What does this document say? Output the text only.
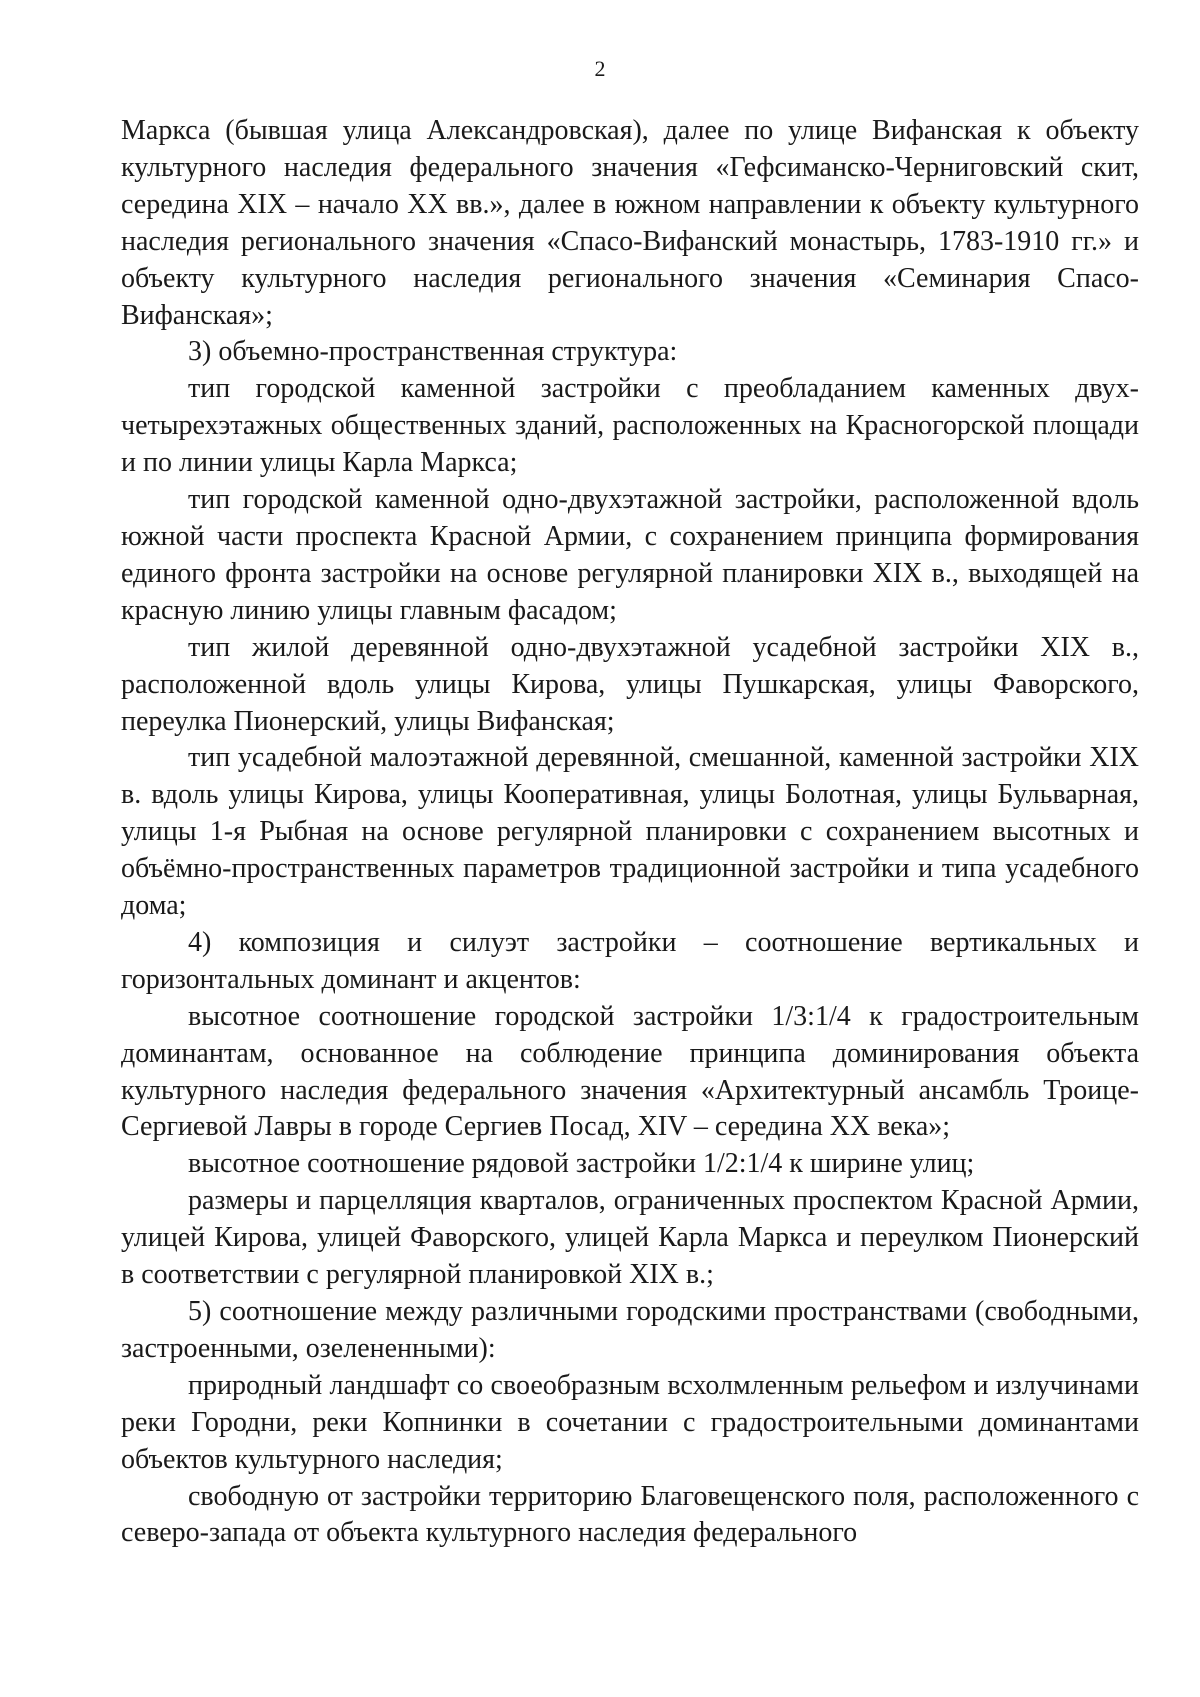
2

Маркса (бывшая улица Александровская), далее по улице Вифанская к объекту культурного наследия федерального значения «Гефсиманско-Черниговский скит, середина XIX – начало XX вв.», далее в южном направлении к объекту культурного наследия регионального значения «Спасо-Вифанский монастырь, 1783-1910 гг.» и объекту культурного наследия регионального значения «Семинария Спасо-Вифанская»;

3) объемно-пространственная структура:

тип городской каменной застройки с преобладанием каменных двух-четырехэтажных общественных зданий, расположенных на Красногорской площади и по линии улицы Карла Маркса;

тип городской каменной одно-двухэтажной застройки, расположенной вдоль южной части проспекта Красной Армии, с сохранением принципа формирования единого фронта застройки на основе регулярной планировки XIX в., выходящей на красную линию улицы главным фасадом;

тип жилой деревянной одно-двухэтажной усадебной застройки XIX в., расположенной вдоль улицы Кирова, улицы Пушкарская, улицы Фаворского, переулка Пионерский, улицы Вифанская;

тип усадебной малоэтажной деревянной, смешанной, каменной застройки XIX в. вдоль улицы Кирова, улицы Кооперативная, улицы Болотная, улицы Бульварная, улицы 1-я Рыбная на основе регулярной планировки с сохранением высотных и объёмно-пространственных параметров традиционной застройки и типа усадебного дома;

4) композиция и силуэт застройки – соотношение вертикальных и горизонтальных доминант и акцентов:

высотное соотношение городской застройки 1/3:1/4 к градостроительным доминантам, основанное на соблюдение принципа доминирования объекта культурного наследия федерального значения «Архитектурный ансамбль Троице-Сергиевой Лавры в городе Сергиев Посад, XIV – середина XX века»;

высотное соотношение рядовой застройки 1/2:1/4 к ширине улиц;

размеры и парцелляция кварталов, ограниченных проспектом Красной Армии, улицей Кирова, улицей Фаворского, улицей Карла Маркса и переулком Пионерский в соответствии с регулярной планировкой XIX в.;

5) соотношение между различными городскими пространствами (свободными, застроенными, озелененными):

природный ландшафт со своеобразным всхолмленным рельефом и излучинами реки Городни, реки Копнинки в сочетании с градостроительными доминантами объектов культурного наследия;

свободную от застройки территорию Благовещенского поля, расположенного с северо-запада от объекта культурного наследия федерального
